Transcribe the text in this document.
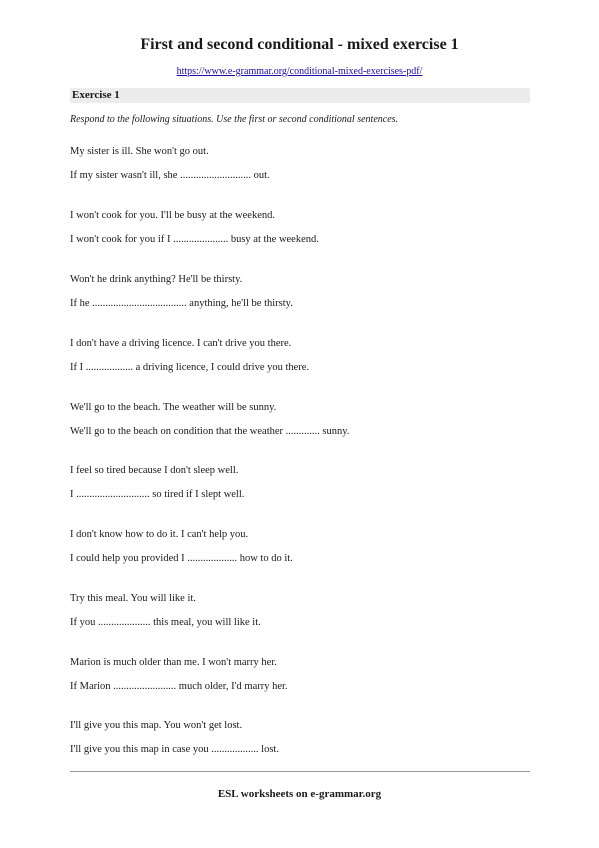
First and second conditional - mixed exercise 1
https://www.e-grammar.org/conditional-mixed-exercises-pdf/
Exercise 1
Respond to the following situations. Use the first or second conditional sentences.
My sister is ill. She won't go out.
If my sister wasn't ill, she ........................... out.
I won't cook for you. I'll be busy at the weekend.
I won't cook for you if I ..................... busy at the weekend.
Won't he drink anything? He'll be thirsty.
If he .................................... anything, he'll be thirsty.
I don't have a driving licence. I can't drive you there.
If I .................. a driving licence, I could drive you there.
We'll go to the beach. The weather will be sunny.
We'll go to the beach on condition that the weather ............. sunny.
I feel so tired because I don't sleep well.
I ............................ so tired if I slept well.
I don't know how to do it. I can't help you.
I could help you provided I ................... how to do it.
Try this meal. You will like it.
If you .................... this meal, you will like it.
Marion is much older than me. I won't marry her.
If Marion ........................ much older, I'd marry her.
I'll give you this map. You won't get lost.
I'll give you this map in case you .................. lost.
ESL worksheets on e-grammar.org
